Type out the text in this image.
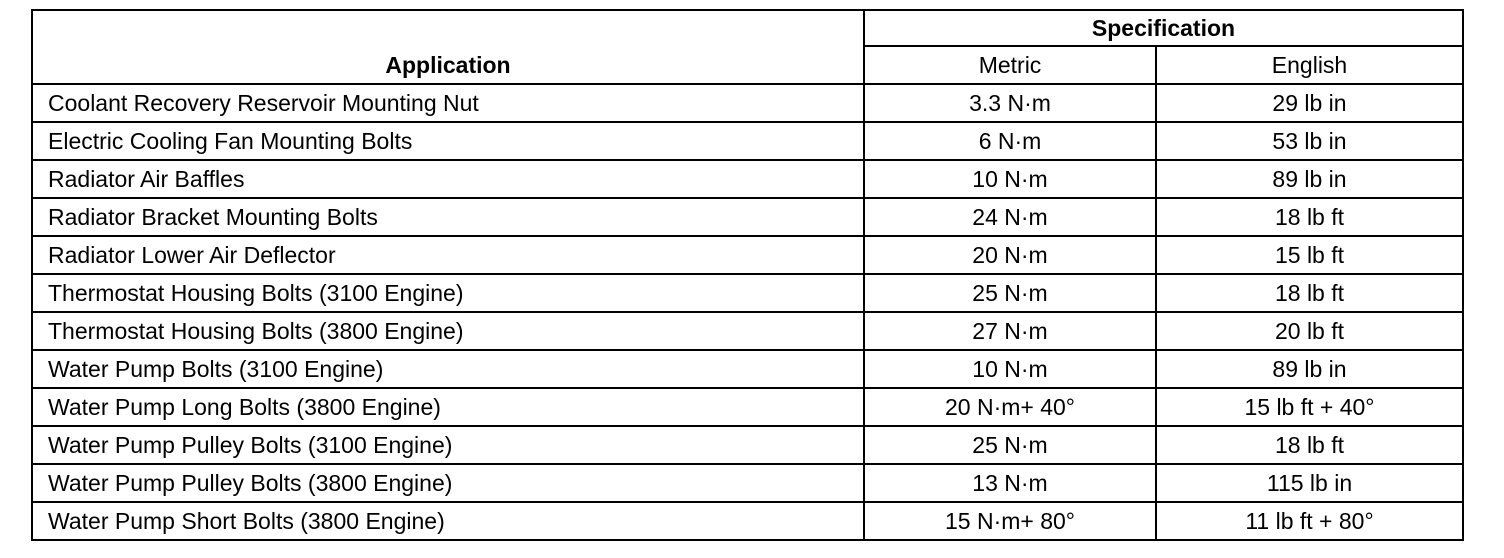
Application	Specification	
	Metric	English
Coolant Recovery Reservoir Mounting Nut	3.3 N·m	29 lb in
Electric Cooling Fan Mounting Bolts	6 N·m	53 lb in
Radiator Air Baffles	10 N·m	89 lb in
Radiator Bracket Mounting Bolts	24 N·m	18 lb ft
Radiator Lower Air Deflector	20 N·m	15 lb ft
Thermostat Housing Bolts (3100 Engine)	25 N·m	18 lb ft
Thermostat Housing Bolts (3800 Engine)	27 N·m	20 lb ft
Water Pump Bolts (3100 Engine)	10 N·m	89 lb in
Water Pump Long Bolts (3800 Engine)	20 N·m+ 40°	15 lb ft + 40°
Water Pump Pulley Bolts (3100 Engine)	25 N·m	18 lb ft
Water Pump Pulley Bolts (3800 Engine)	13 N·m	115 lb in
Water Pump Short Bolts (3800 Engine)	15 N·m+ 80°	11 lb ft + 80°
